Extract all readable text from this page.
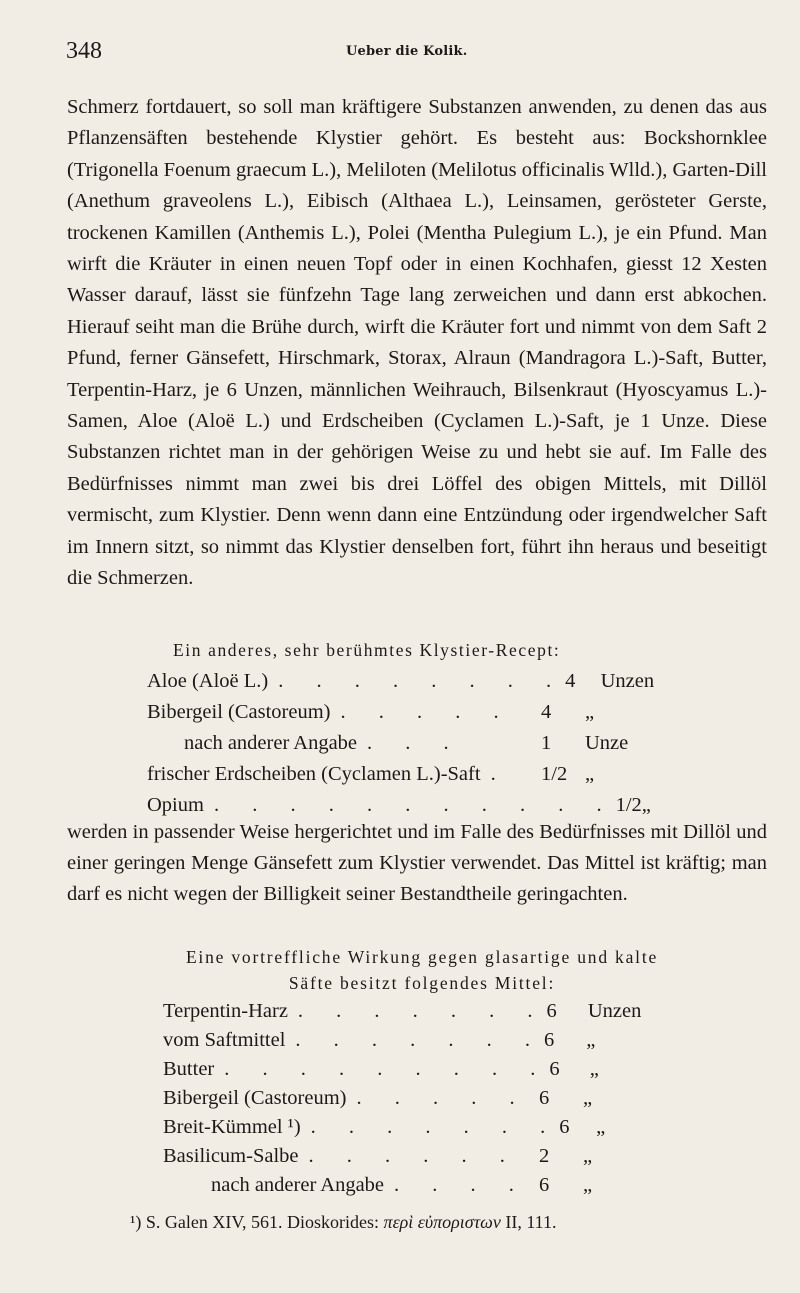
348	Ueber die Kolik.

Schmerz fortdauert, so soll man kräftigere Substanzen anwenden, zu denen das aus Pflanzensäften bestehende Klystier gehört. Es besteht aus: Bockshornklee (Trigonella Foenum graecum L.), Meliloten (Melilotus officinalis Wlld.), Garten-Dill (Anethum graveolens L.), Eibisch (Althaea L.), Leinsamen, gerösteter Gerste, trockenen Kamillen (Anthemis L.), Polei (Mentha Pulegium L.), je ein Pfund. Man wirft die Kräuter in einen neuen Topf oder in einen Kochhafen, giesst 12 Xesten Wasser darauf, lässt sie fünfzehn Tage lang zerweichen und dann erst abkochen. Hierauf seiht man die Brühe durch, wirft die Kräuter fort und nimmt von dem Saft 2 Pfund, ferner Gänsefett, Hirschmark, Storax, Alraun (Mandragora L.)-Saft, Butter, Terpentin-Harz, je 6 Unzen, männlichen Weihrauch, Bilsenkraut (Hyoscyamus L.)-Samen, Aloe (Aloë L.) und Erdscheiben (Cyclamen L.)-Saft, je 1 Unze. Diese Substanzen richtet man in der gehörigen Weise zu und hebt sie auf. Im Falle des Bedürfnisses nimmt man zwei bis drei Löffel des obigen Mittels, mit Dillöl vermischt, zum Klystier. Denn wenn dann eine Entzündung oder irgendwelcher Saft im Innern sitzt, so nimmt das Klystier denselben fort, führt ihn heraus und beseitigt die Schmerzen.

Ein anderes, sehr berühmtes Klystier-Recept:
Aloe (Aloë L.) . . . . . . . . 4	Unzen
Bibergeil (Castoreum) . . . . .	4	„
nach anderer Angabe . . .	1	Unze
frischer Erdscheiben (Cyclamen L.)-Saft .	1/2 „
Opium . . . . . . . . . . . 1/2 „

werden in passender Weise hergerichtet und im Falle des Bedürfnisses mit Dillöl und einer geringen Menge Gänsefett zum Klystier verwendet. Das Mittel ist kräftig; man darf es nicht wegen der Billigkeit seiner Bestandtheile geringachten.

Eine vortreffliche Wirkung gegen glasartige und kalte
Säfte besitzt folgendes Mittel:
Terpentin-Harz . . . . . . . 6	Unzen
vom Saftmittel . . . . . . . 6	„
Butter . . . . . . . . . 6	„
Bibergeil (Castoreum) . . . . . 6	„
Breit-Kümmel ¹) . . . . . . . 6	„
Basilicum-Salbe . . . . . . 2	„
nach anderer Angabe . . . . 6	„
¹) S. Galen XIV, 561. Dioskorides: περὶ εὐποριστων II, 111.
